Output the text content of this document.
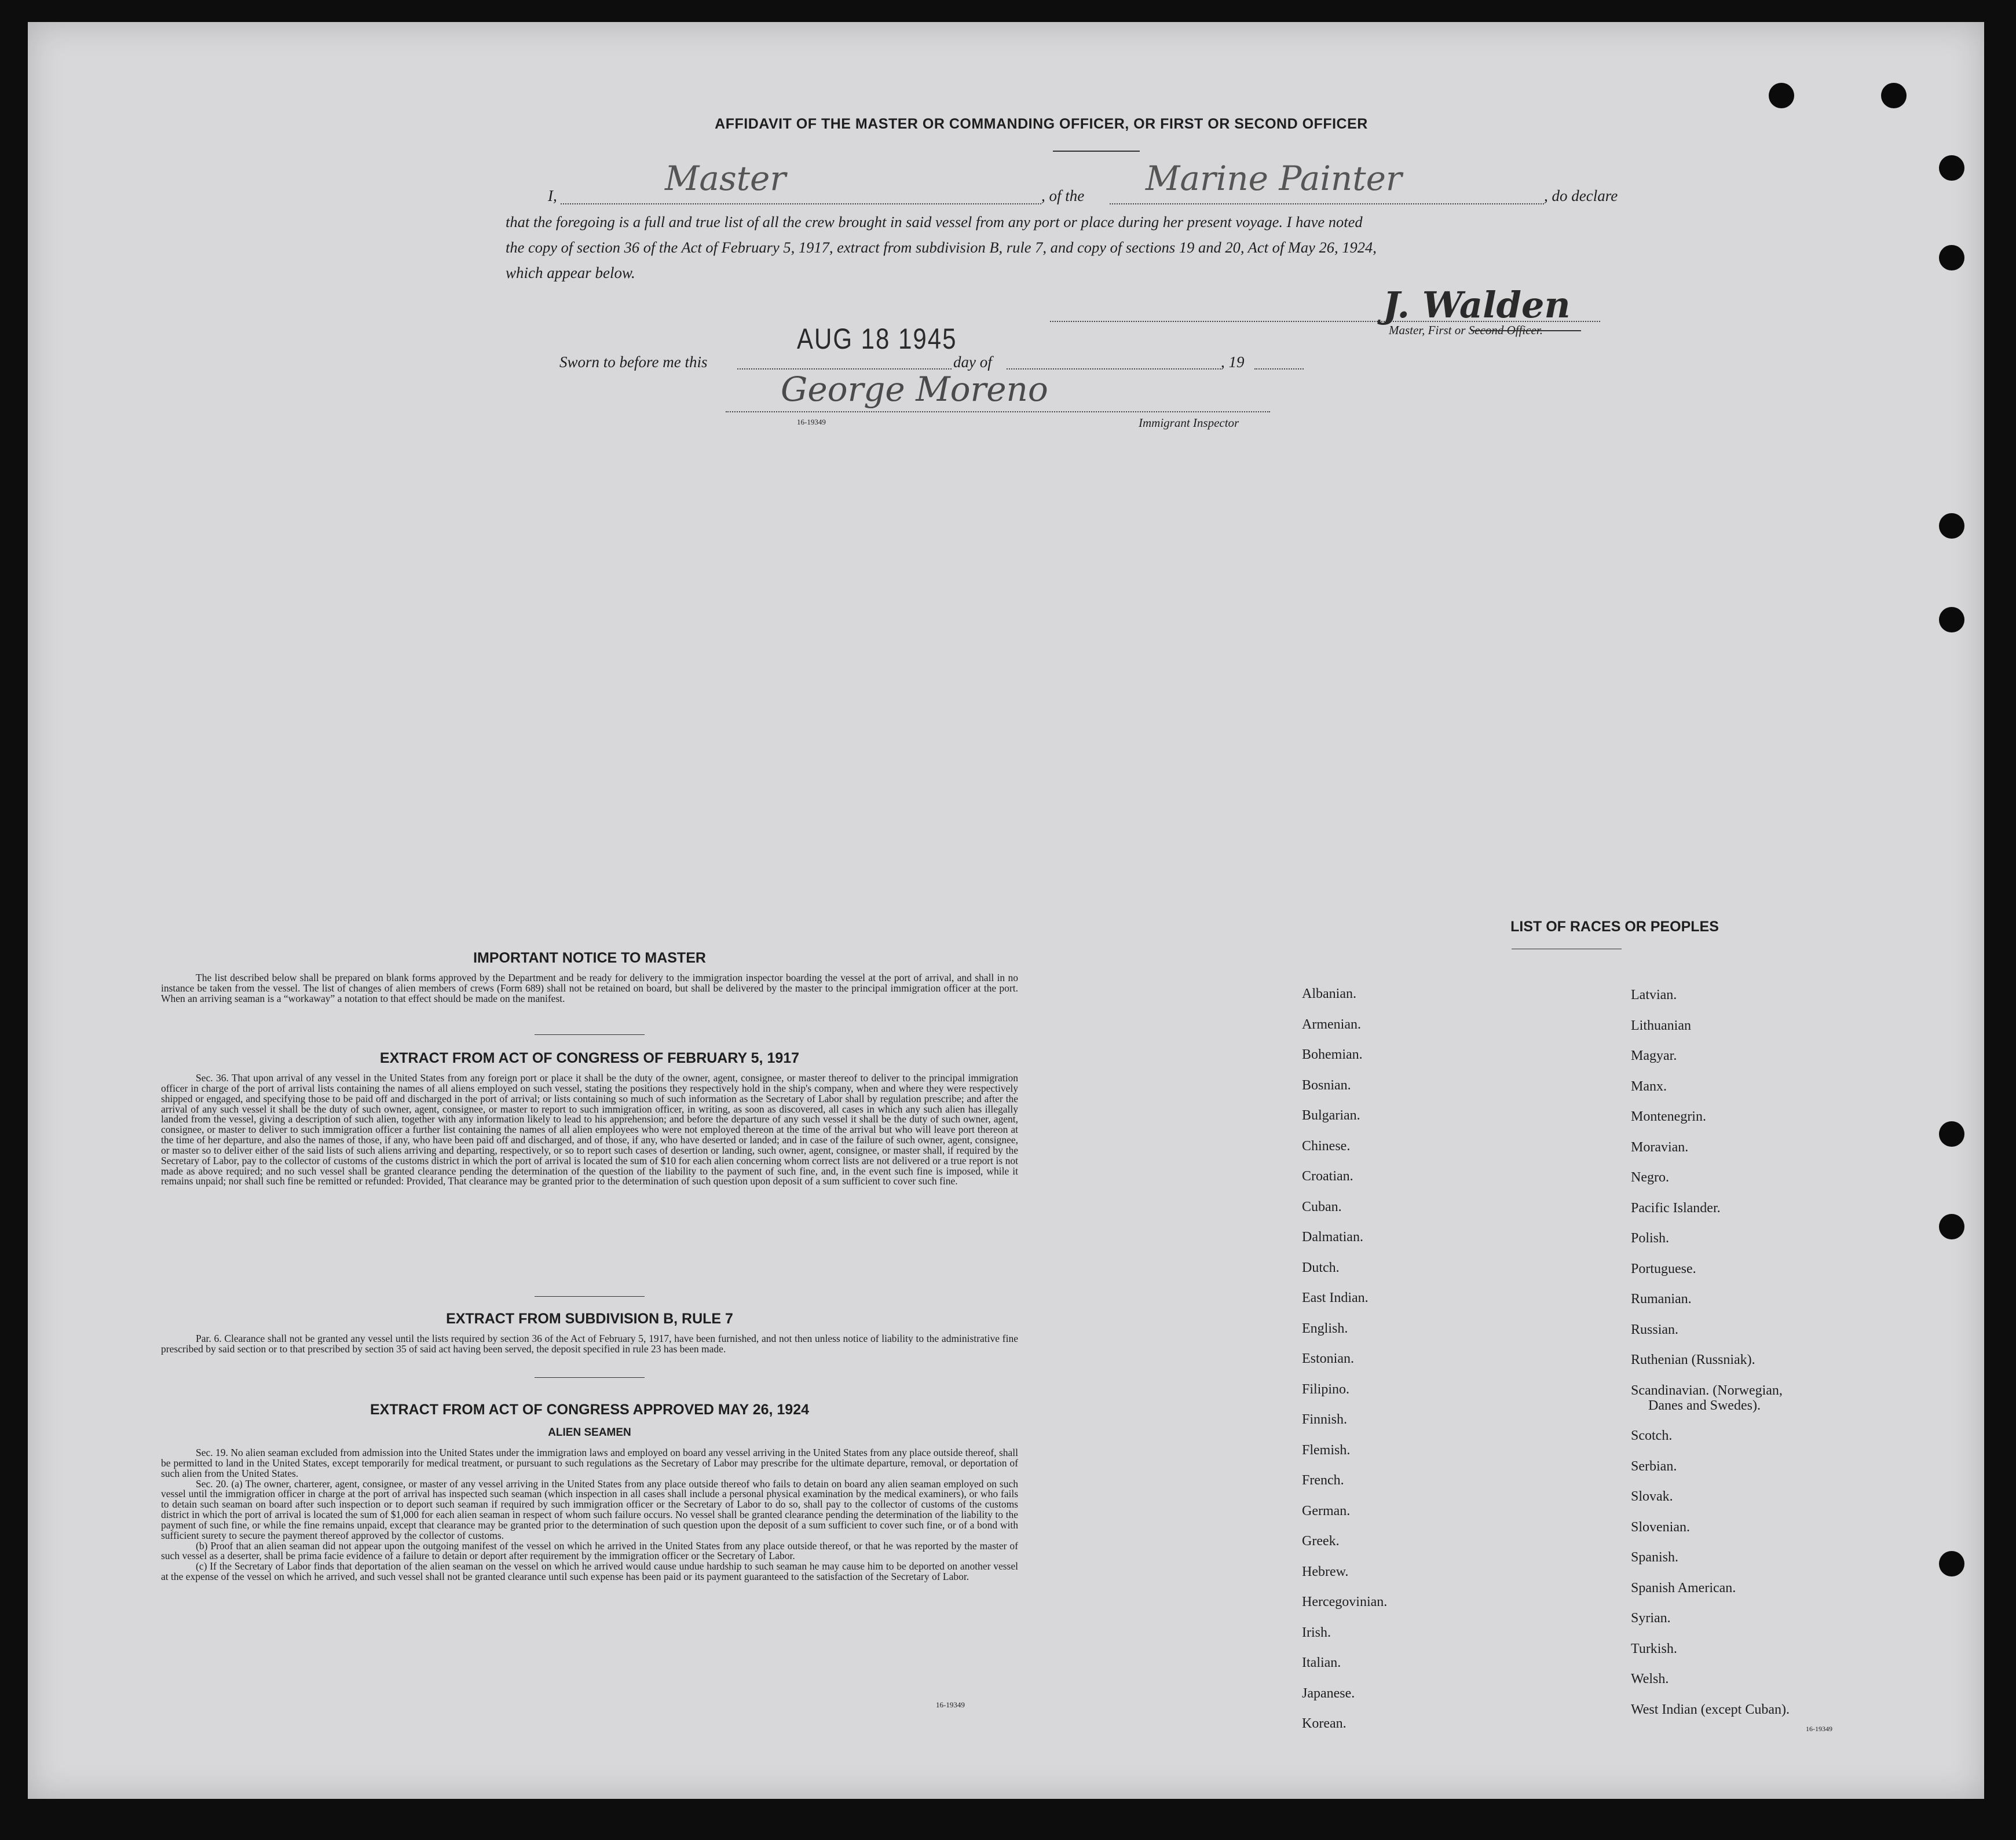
AFFIDAVIT OF THE MASTER OR COMMANDING OFFICER, OR FIRST OR SECOND OFFICER
I,	Master	, of the Marine Painter	, do declare
that the foregoing is a full and true list of all the crew brought in said vessel from any port or place during her present voyage. I have noted
the copy of section 36 of the Act of February 5, 1917, extract from subdivision B, rule 7, and copy of sections 19 and 20, Act of May 26, 1924,
which appear below.
J. Walden
Master, First or Second Officer.
AUG 18 1945
Sworn to before me this	day of	, 19
George Moreno
16-19349	Immigrant Inspector
IMPORTANT NOTICE TO MASTER

The list described below shall be prepared on blank forms approved by the Department and be ready for delivery to the immigration inspector boarding the vessel at the port of arrival, and shall in no instance be taken from the vessel. The list of changes of alien members of crews (Form 689) shall not be retained on board, but shall be delivered by the master to the principal immigration officer at the port. When an arriving seaman is a “workaway” a notation to that effect should be made on the manifest.

EXTRACT FROM ACT OF CONGRESS OF FEBRUARY 5, 1917

Sec. 36. That upon arrival of any vessel in the United States from any foreign port or place it shall be the duty of the owner, agent, consignee, or master thereof to deliver to the principal immigration officer in charge of the port of arrival lists containing the names of all aliens employed on such vessel, stating the positions they respectively hold in the ship's company, when and where they were respectively shipped or engaged, and specifying those to be paid off and discharged in the port of arrival; or lists containing so much of such information as the Secretary of Labor shall by regulation prescribe; and after the arrival of any such vessel it shall be the duty of such owner, agent, consignee, or master to report to such immigration officer, in writing, as soon as discovered, all cases in which any such alien has illegally landed from the vessel, giving a description of such alien, together with any information likely to lead to his apprehension; and before the departure of any such vessel it shall be the duty of such owner, agent, consignee, or master to deliver to such immigration officer a further list containing the names of all alien employees who were not employed thereon at the time of the arrival but who will leave port thereon at the time of her departure, and also the names of those, if any, who have been paid off and discharged, and of those, if any, who have deserted or landed; and in case of the failure of such owner, agent, consignee, or master so to deliver either of the said lists of such aliens arriving and departing, respectively, or so to report such cases of desertion or landing, such owner, agent, consignee, or master shall, if required by the Secretary of Labor, pay to the collector of customs of the customs district in which the port of arrival is located the sum of $10 for each alien concerning whom correct lists are not delivered or a true report is not made as above required; and no such vessel shall be granted clearance pending the determination of the question of the liability to the payment of such fine, and, in the event such fine is imposed, while it remains unpaid; nor shall such fine be remitted or refunded: Provided, That clearance may be granted prior to the determination of such question upon deposit of a sum sufficient to cover such fine.

EXTRACT FROM SUBDIVISION B, RULE 7

Par. 6. Clearance shall not be granted any vessel until the lists required by section 36 of the Act of February 5, 1917, have been furnished, and not then unless notice of liability to the administrative fine prescribed by said section or to that prescribed by section 35 of said act having been served, the deposit specified in rule 23 has been made.

EXTRACT FROM ACT OF CONGRESS APPROVED MAY 26, 1924
ALIEN SEAMEN

Sec. 19. No alien seaman excluded from admission into the United States under the immigration laws and employed on board any vessel arriving in the United States from any place outside thereof, shall be permitted to land in the United States, except temporarily for medical treatment, or pursuant to such regulations as the Secretary of Labor may prescribe for the ultimate departure, removal, or deportation of such alien from the United States.

Sec. 20. (a) The owner, charterer, agent, consignee, or master of any vessel arriving in the United States from any place outside thereof who fails to detain on board any alien seaman employed on such vessel until the immigration officer in charge at the port of arrival has inspected such seaman (which inspection in all cases shall include a personal physical examination by the medical examiners), or who fails to detain such seaman on board after such inspection or to deport such seaman if required by such immigration officer or the Secretary of Labor to do so, shall pay to the collector of customs of the customs district in which the port of arrival is located the sum of $1,000 for each alien seaman in respect of whom such failure occurs. No vessel shall be granted clearance pending the determination of the liability to the payment of such fine, or while the fine remains unpaid, except that clearance may be granted prior to the determination of such question upon the deposit of a sum sufficient to cover such fine, or of a bond with sufficient surety to secure the payment thereof approved by the collector of customs.

(b) Proof that an alien seaman did not appear upon the outgoing manifest of the vessel on which he arrived in the United States from any place outside thereof, or that he was reported by the master of such vessel as a deserter, shall be prima facie evidence of a failure to detain or deport after requirement by the immigration officer or the Secretary of Labor.

(c) If the Secretary of Labor finds that deportation of the alien seaman on the vessel on which he arrived would cause undue hardship to such seaman he may cause him to be deported on another vessel at the expense of the vessel on which he arrived, and such vessel shall not be granted clearance until such expense has been paid or its payment guaranteed to the satisfaction of the Secretary of Labor.

16-19349
LIST OF RACES OR PEOPLES
Albanian.
Armenian.
Bohemian.
Bosnian.
Bulgarian.
Chinese.
Croatian.
Cuban.
Dalmatian.
Dutch.
East Indian.
English.
Estonian.
Filipino.
Finnish.
Flemish.
French.
German.
Greek.
Hebrew.
Hercegovinian.
Irish.
Italian.
Japanese.
Korean.
Latvian.
Lithuanian
Magyar.
Manx.
Montenegrin.
Moravian.
Negro.
Pacific Islander.
Polish.
Portuguese.
Rumanian.
Russian.
Ruthenian (Russniak).
Scandinavian. (Norwegian,
Danes and Swedes).
Scotch.
Serbian.
Slovak.
Slovenian.
Spanish.
Spanish American.
Syrian.
Turkish.
Welsh.
West Indian (except Cuban).
16-19349
